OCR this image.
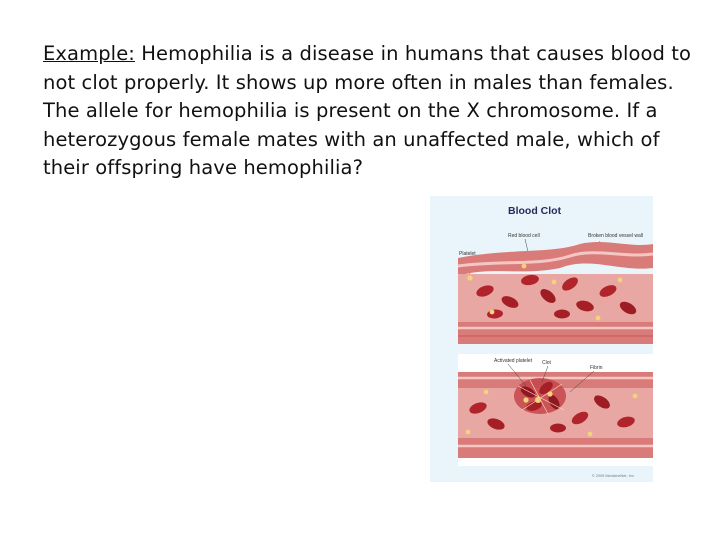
Example: Hemophilia is a disease in humans that causes blood to
not clot properly. It shows up more often in males than females.
The allele for hemophilia is present on the X chromosome. If a
heterozygous female mates with an unaffected male, which of
their offspring have hemophilia?
Blood Clot
Red blood cell	Broken blood vessel wall
Platelet
Activated platelet Clot
Fibrin
© 2009 MedicineNet, Inc.
